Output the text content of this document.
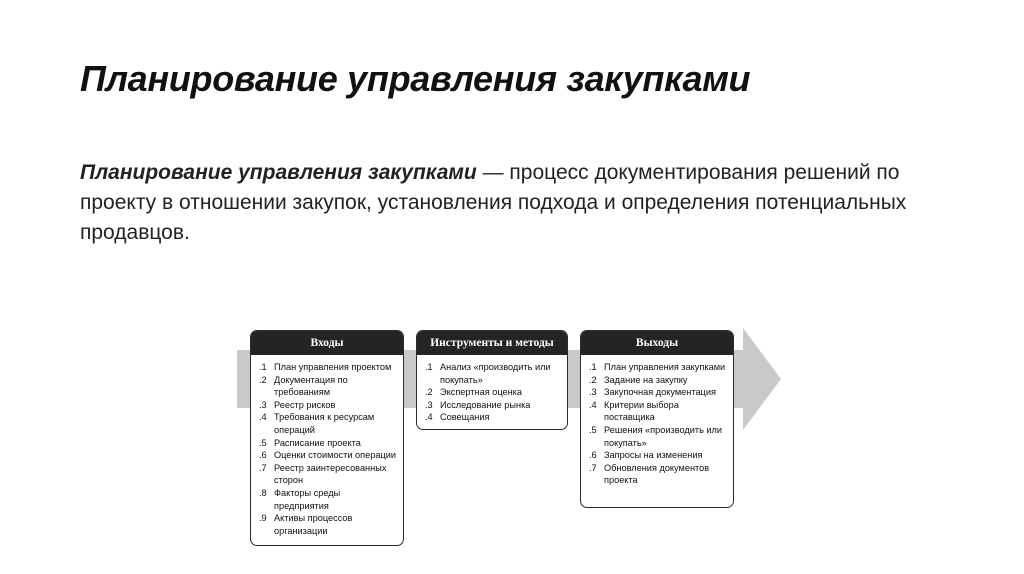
Планирование управления закупками

Планирование управления закупками — процесс документирования решений по проекту в отношении закупок, установления подхода и определения потенциальных продавцов.

Входы
.1 План управления проектом
.2 Документация по требованиям
.3 Реестр рисков
.4 Требования к ресурсам операций
.5 Расписание проекта
.6 Оценки стоимости операции
.7 Реестр заинтересованных сторон
.8 Факторы среды предприятия
.9 Активы процессов организации
Инструменты и методы
.1 Анализ «производить или покупать»
.2 Экспертная оценка
.3 Исследование рынка
.4 Совещания
Выходы
.1 План управления закупками
.2 Задание на закупку
.3 Закупочная документация
.4 Критерии выбора поставщика
.5 Решения «производить или покупать»
.6 Запросы на изменения
.7 Обновления документов проекта
